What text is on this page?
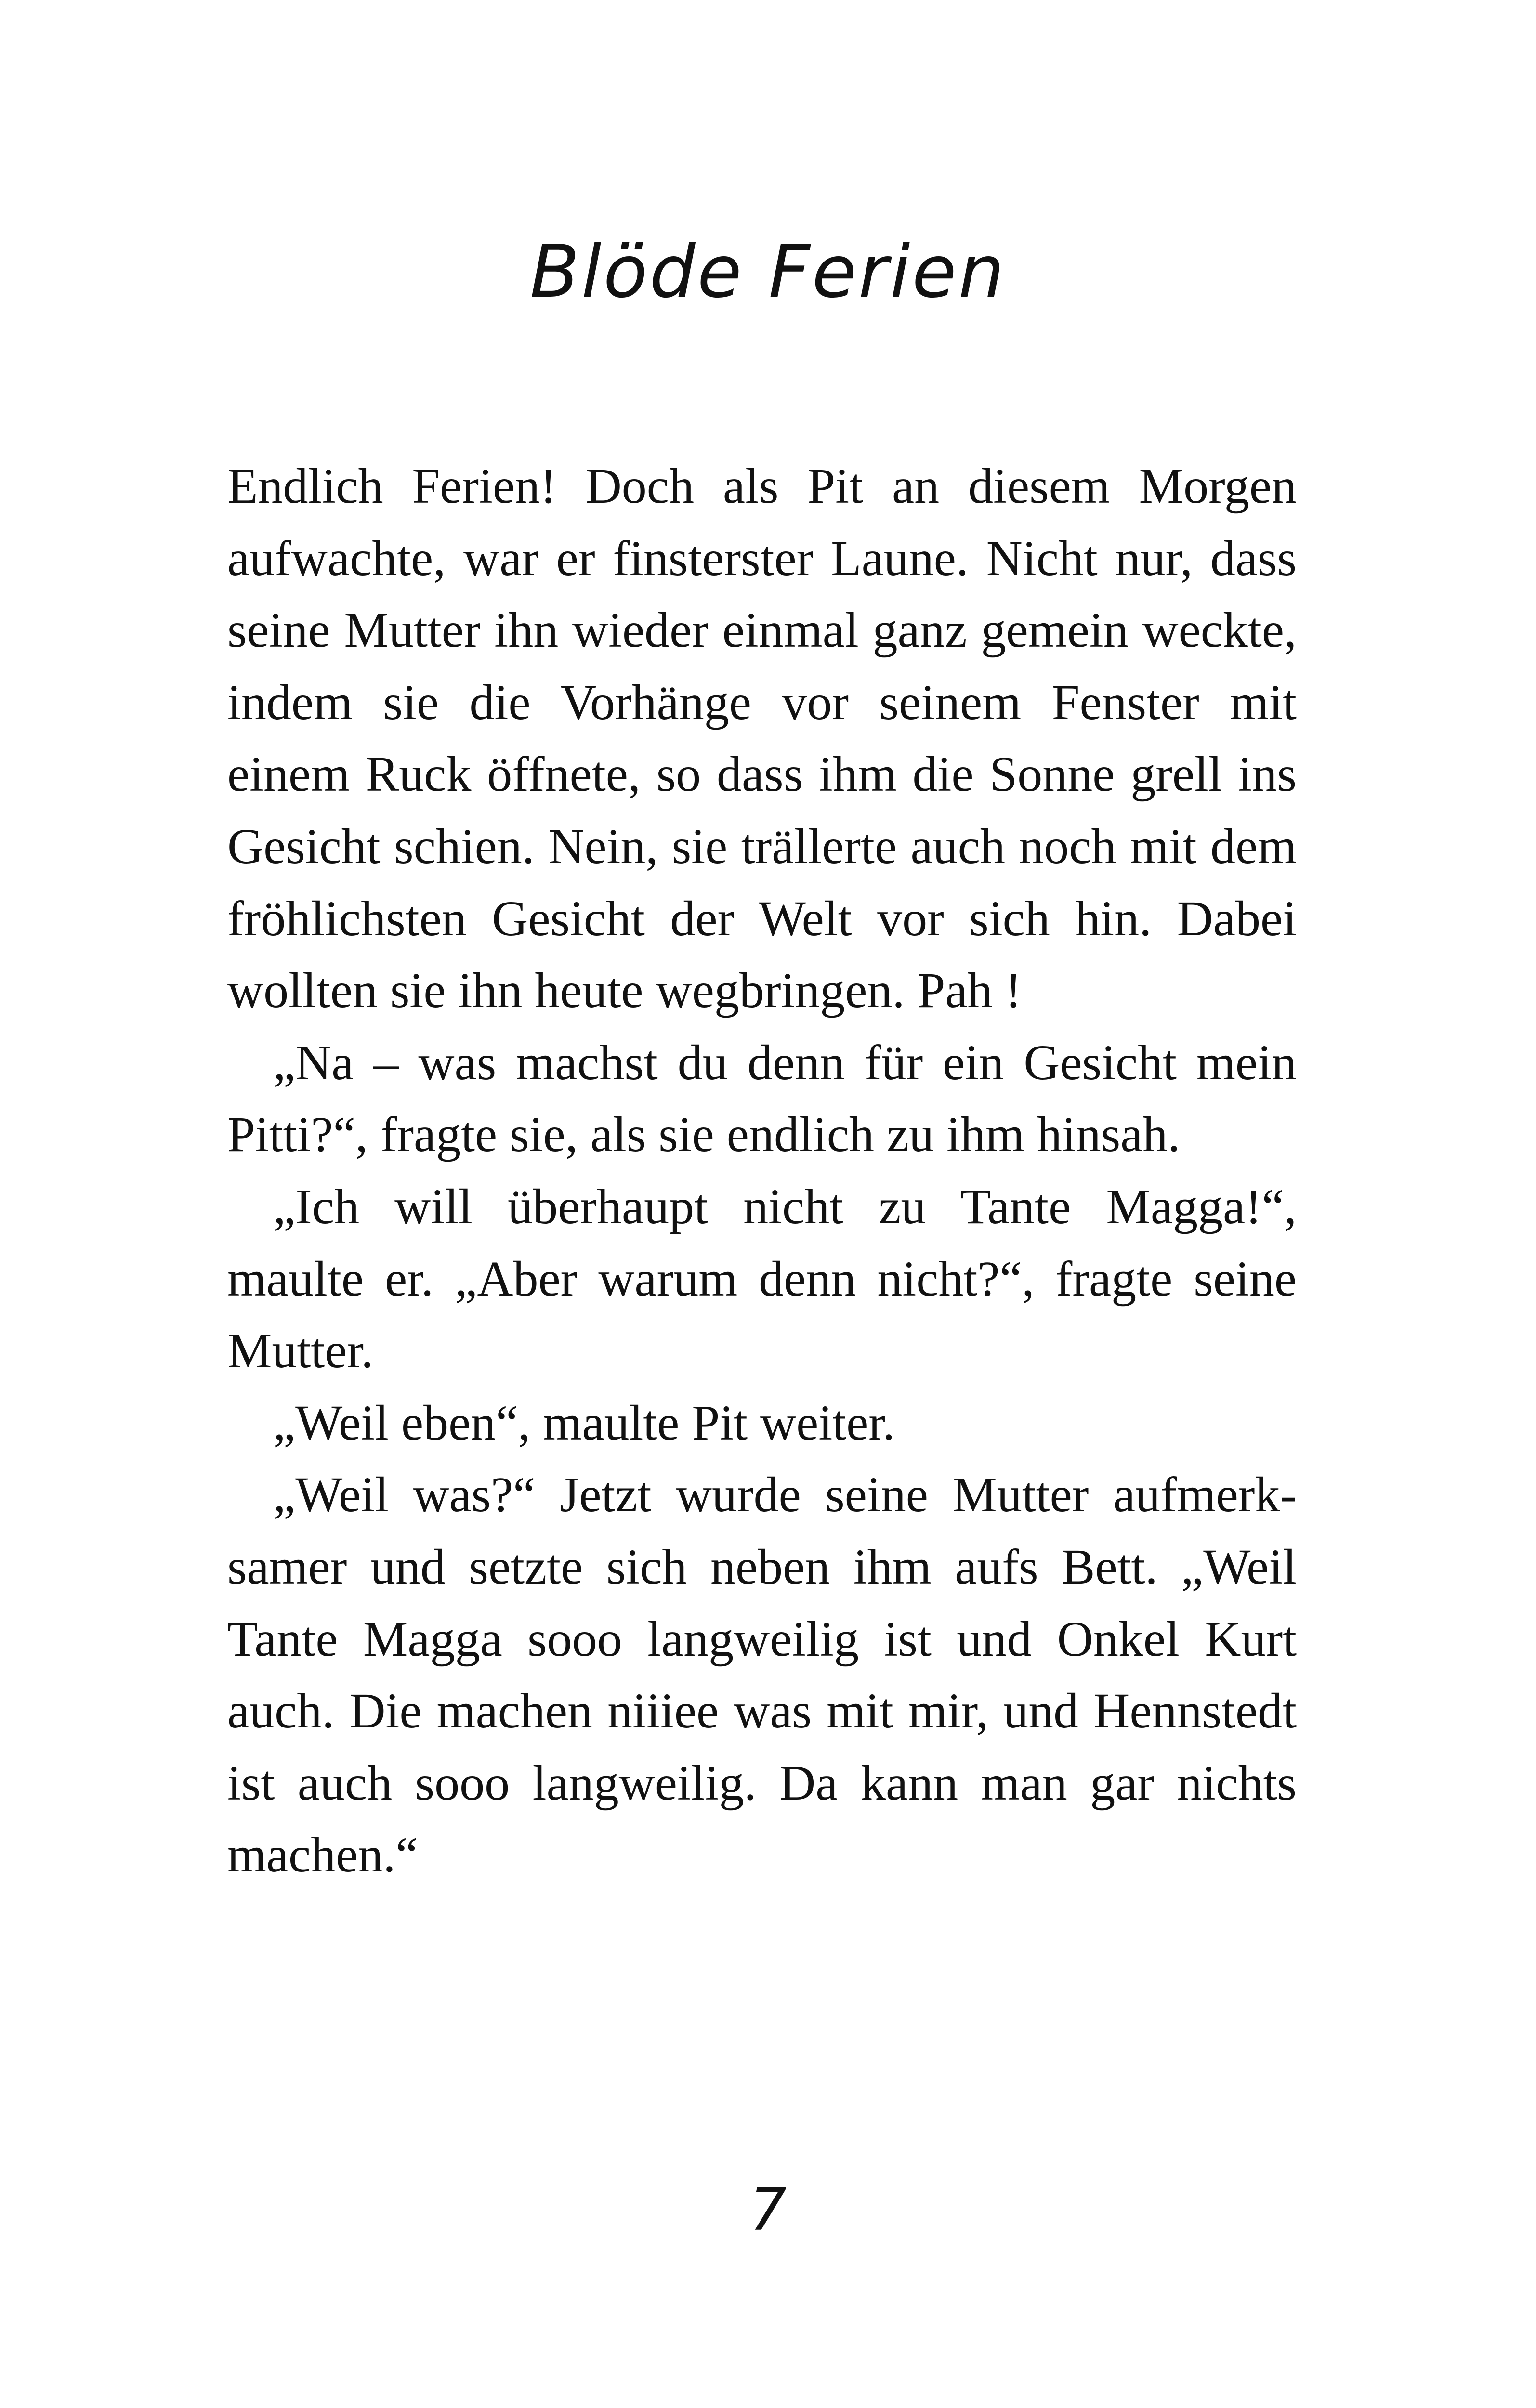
Blöde Ferien

Endlich Ferien! Doch als Pit an diesem Morgen aufwachte, war er finsterster Laune. Nicht nur, dass seine Mutter ihn wieder einmal ganz gemein weckte, indem sie die Vorhänge vor seinem Fenster mit einem Ruck öffnete, so dass ihm die Sonne grell ins Gesicht schien. Nein, sie trällerte auch noch mit dem fröhlichsten Gesicht der Welt vor sich hin. Dabei wollten sie ihn heute wegbringen. Pah !

„Na – was machst du denn für ein Gesicht mein Pitti?“, fragte sie, als sie endlich zu ihm hinsah.

„Ich will überhaupt nicht zu Tante Magga!“, maulte er. „Aber warum denn nicht?“, fragte seine Mutter.

„Weil eben“, maulte Pit weiter.

„Weil was?“ Jetzt wurde seine Mutter aufmerksamer und setzte sich neben ihm aufs Bett. „Weil Tante Magga sooo langweilig ist und Onkel Kurt auch. Die machen niiiee was mit mir, und Hennstedt ist auch sooo langweilig. Da kann man gar nichts machen.“

7
